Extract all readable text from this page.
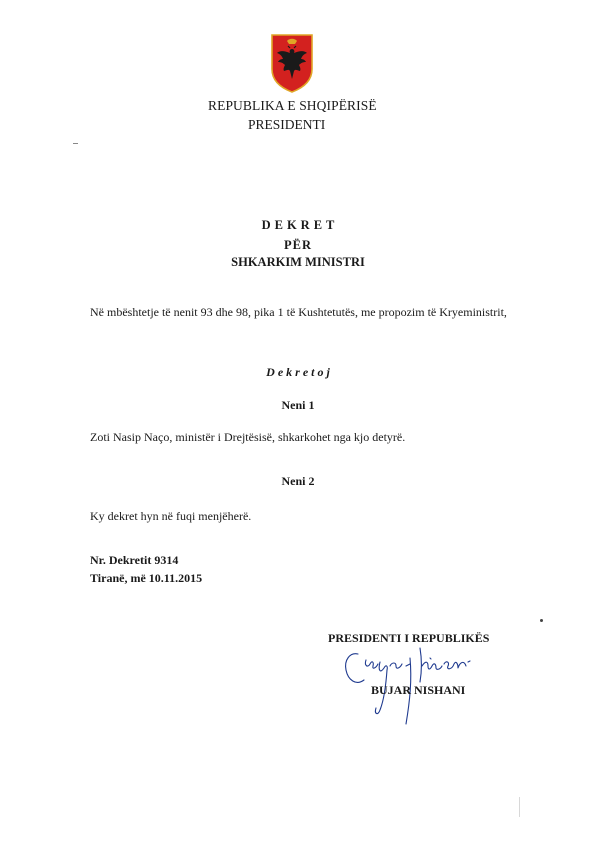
REPUBLIKA E SHQIPËRISË
PRESIDENTI
DEKRET
PËR
SHKARKIM MINISTRI
Në mbështetje të nenit 93 dhe 98, pika 1 të Kushtetutës, me propozim të Kryeministrit,
Dekretoj
Neni 1
Zoti Nasip Naço, ministër i Drejtësisë, shkarkohet nga kjo detyrë.
Neni 2
Ky dekret hyn në fuqi menjëherë.
Nr. Dekretit 9314
Tiranë, më 10.11.2015
PRESIDENTI I REPUBLIKËS
BUJAR NISHANI
